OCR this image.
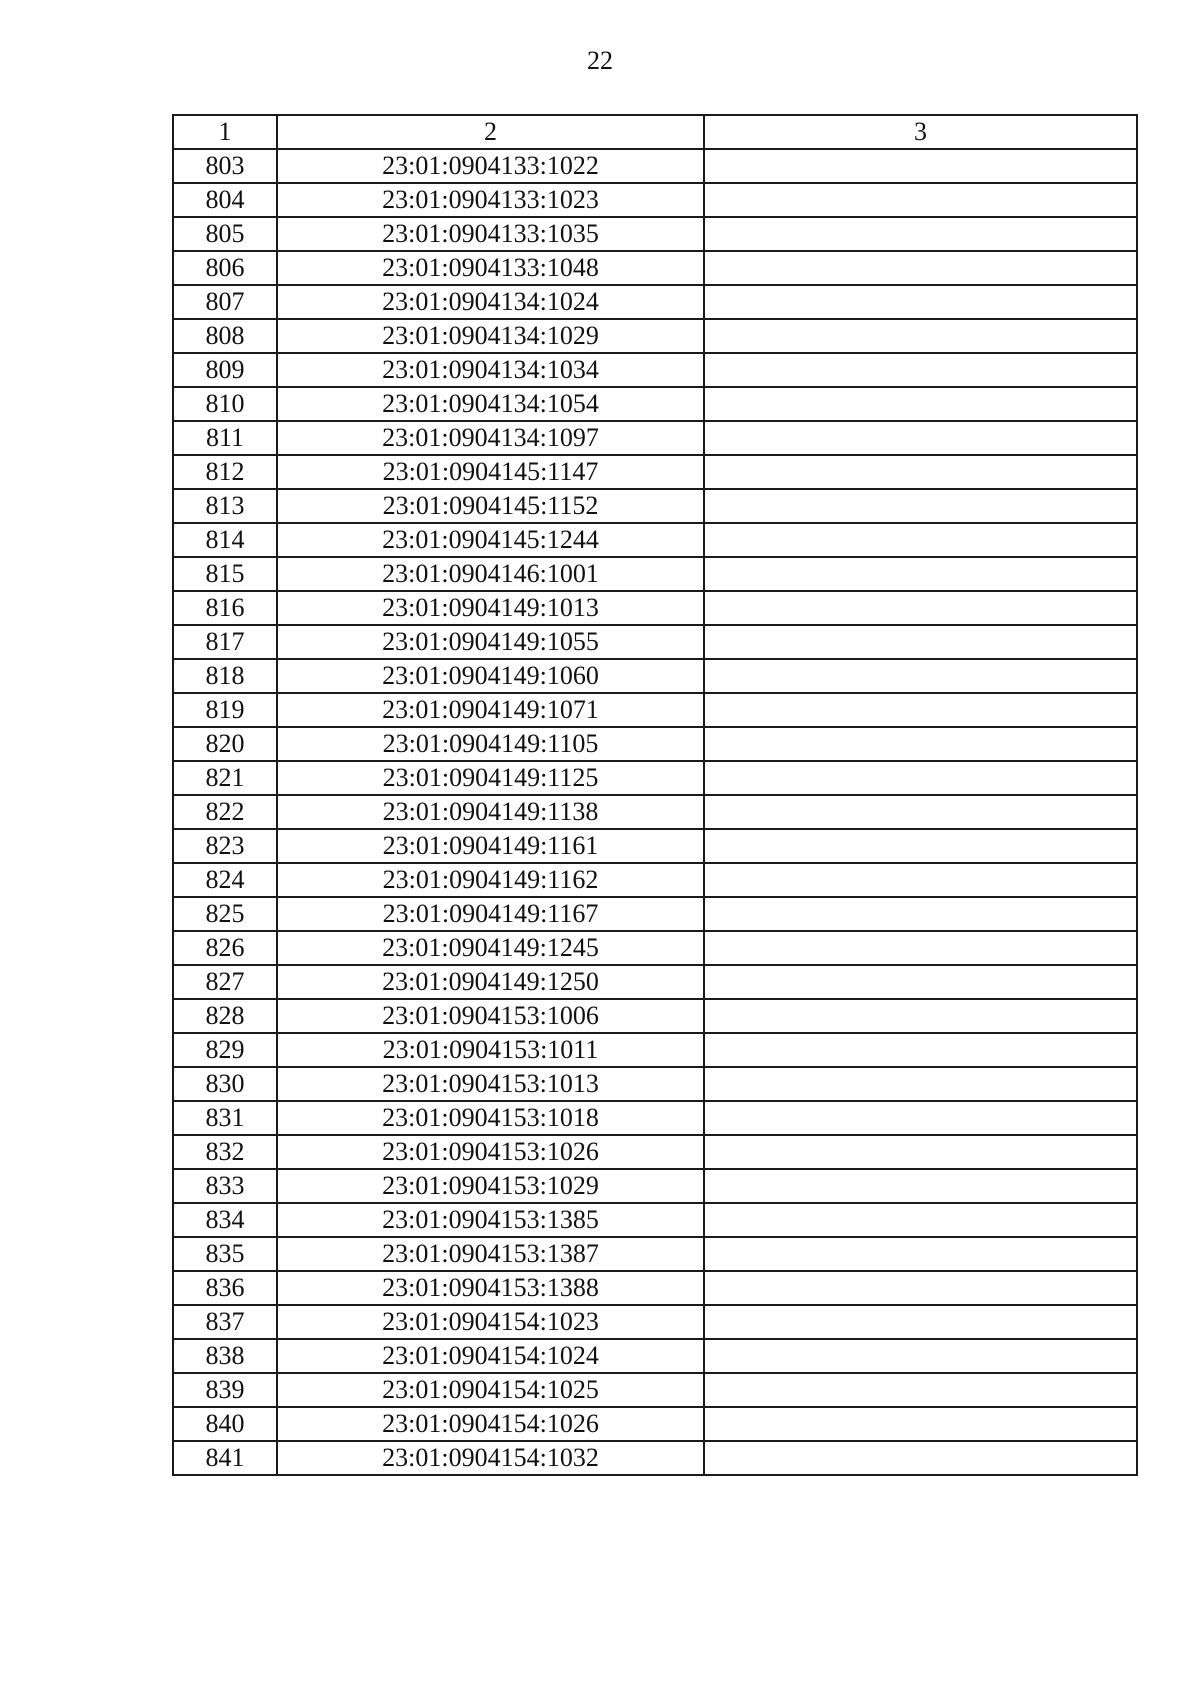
22
1	2	3
803	23:01:0904133:1022	
804	23:01:0904133:1023	
805	23:01:0904133:1035	
806	23:01:0904133:1048	
807	23:01:0904134:1024	
808	23:01:0904134:1029	
809	23:01:0904134:1034	
810	23:01:0904134:1054	
811	23:01:0904134:1097	
812	23:01:0904145:1147	
813	23:01:0904145:1152	
814	23:01:0904145:1244	
815	23:01:0904146:1001	
816	23:01:0904149:1013	
817	23:01:0904149:1055	
818	23:01:0904149:1060	
819	23:01:0904149:1071	
820	23:01:0904149:1105	
821	23:01:0904149:1125	
822	23:01:0904149:1138	
823	23:01:0904149:1161	
824	23:01:0904149:1162	
825	23:01:0904149:1167	
826	23:01:0904149:1245	
827	23:01:0904149:1250	
828	23:01:0904153:1006	
829	23:01:0904153:1011	
830	23:01:0904153:1013	
831	23:01:0904153:1018	
832	23:01:0904153:1026	
833	23:01:0904153:1029	
834	23:01:0904153:1385	
835	23:01:0904153:1387	
836	23:01:0904153:1388	
837	23:01:0904154:1023	
838	23:01:0904154:1024	
839	23:01:0904154:1025	
840	23:01:0904154:1026	
841	23:01:0904154:1032	
